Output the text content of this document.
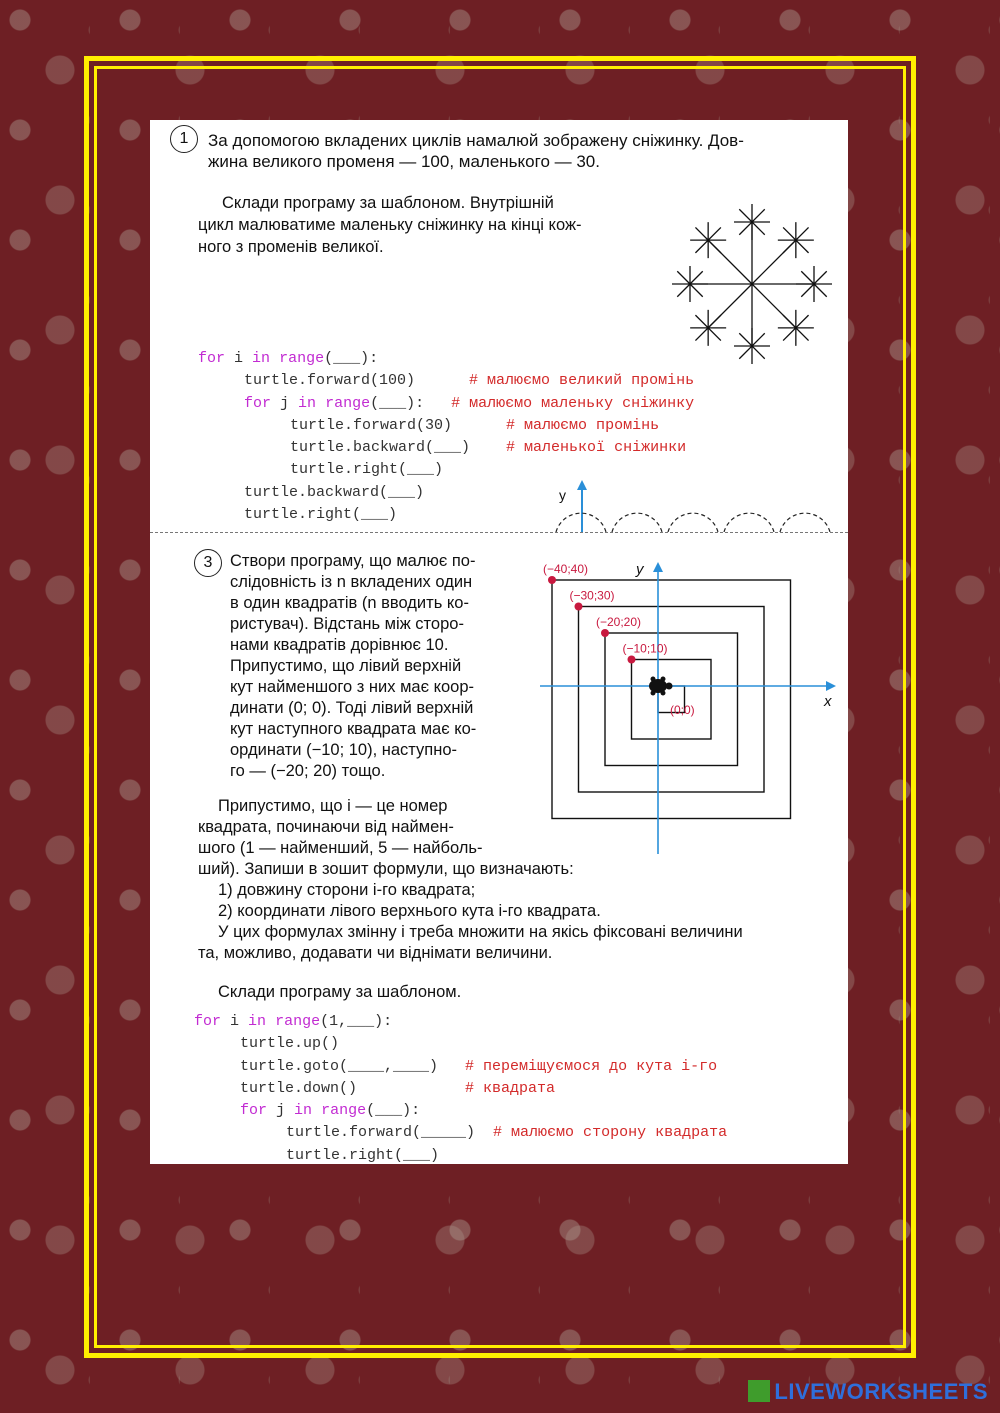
1	За допомогою вкладених циклів намалюй зображену сніжинку. Дов-
жина великого променя — 100, маленького — 30.
Склади програму за шаблоном. Внутрішній
цикл малюватиме маленьку сніжинку на кінці кож-
ного з променів великої.
for i in range(___):
turtle.forward(100)      # малюємо великий промінь
for j in range(___):   # малюємо маленьку сніжинку
turtle.forward(30)      # малюємо промінь
turtle.backward(___)    # маленької сніжинки
turtle.right(___)
turtle.backward(___)
turtle.right(___)
y
3	Створи програму, що малює по-
слідовність із n вкладених один
в один квадратів (n вводить ко-
ристувач). Відстань між сторо-
нами квадратів дорівнює 10.
Припустимо, що лівий верхній
кут найменшого з них має коор-
динати (0; 0). Тоді лівий верхній
кут наступного квадрата має ко-
ординати (−10; 10), наступно-
го — (−20; 20) тощо.
Припустимо, що i — це номер
квадрата, починаючи від наймен-
шого (1 — найменший, 5 — найболь-
ший). Запиши в зошит формули, що визначають:
1) довжину сторони i-го квадрата;
2) координати лівого верхнього кута i-го квадрата.
У цих формулах змінну i треба множити на якісь фіксовані величини
та, можливо, додавати чи віднімати величини.
Склади програму за шаблоном.
for i in range(1,___):
turtle.up()
turtle.goto(____,____)   # переміщуємося до кута і-го
turtle.down()            # квадрата
for j in range(___):
turtle.forward(_____)  # малюємо сторону квадрата
turtle.right(___)
x
y
(−40;40)
(−30;30)
(−20;20)
(−10;10)
(0;0)
LIVEWORKSHEETS
